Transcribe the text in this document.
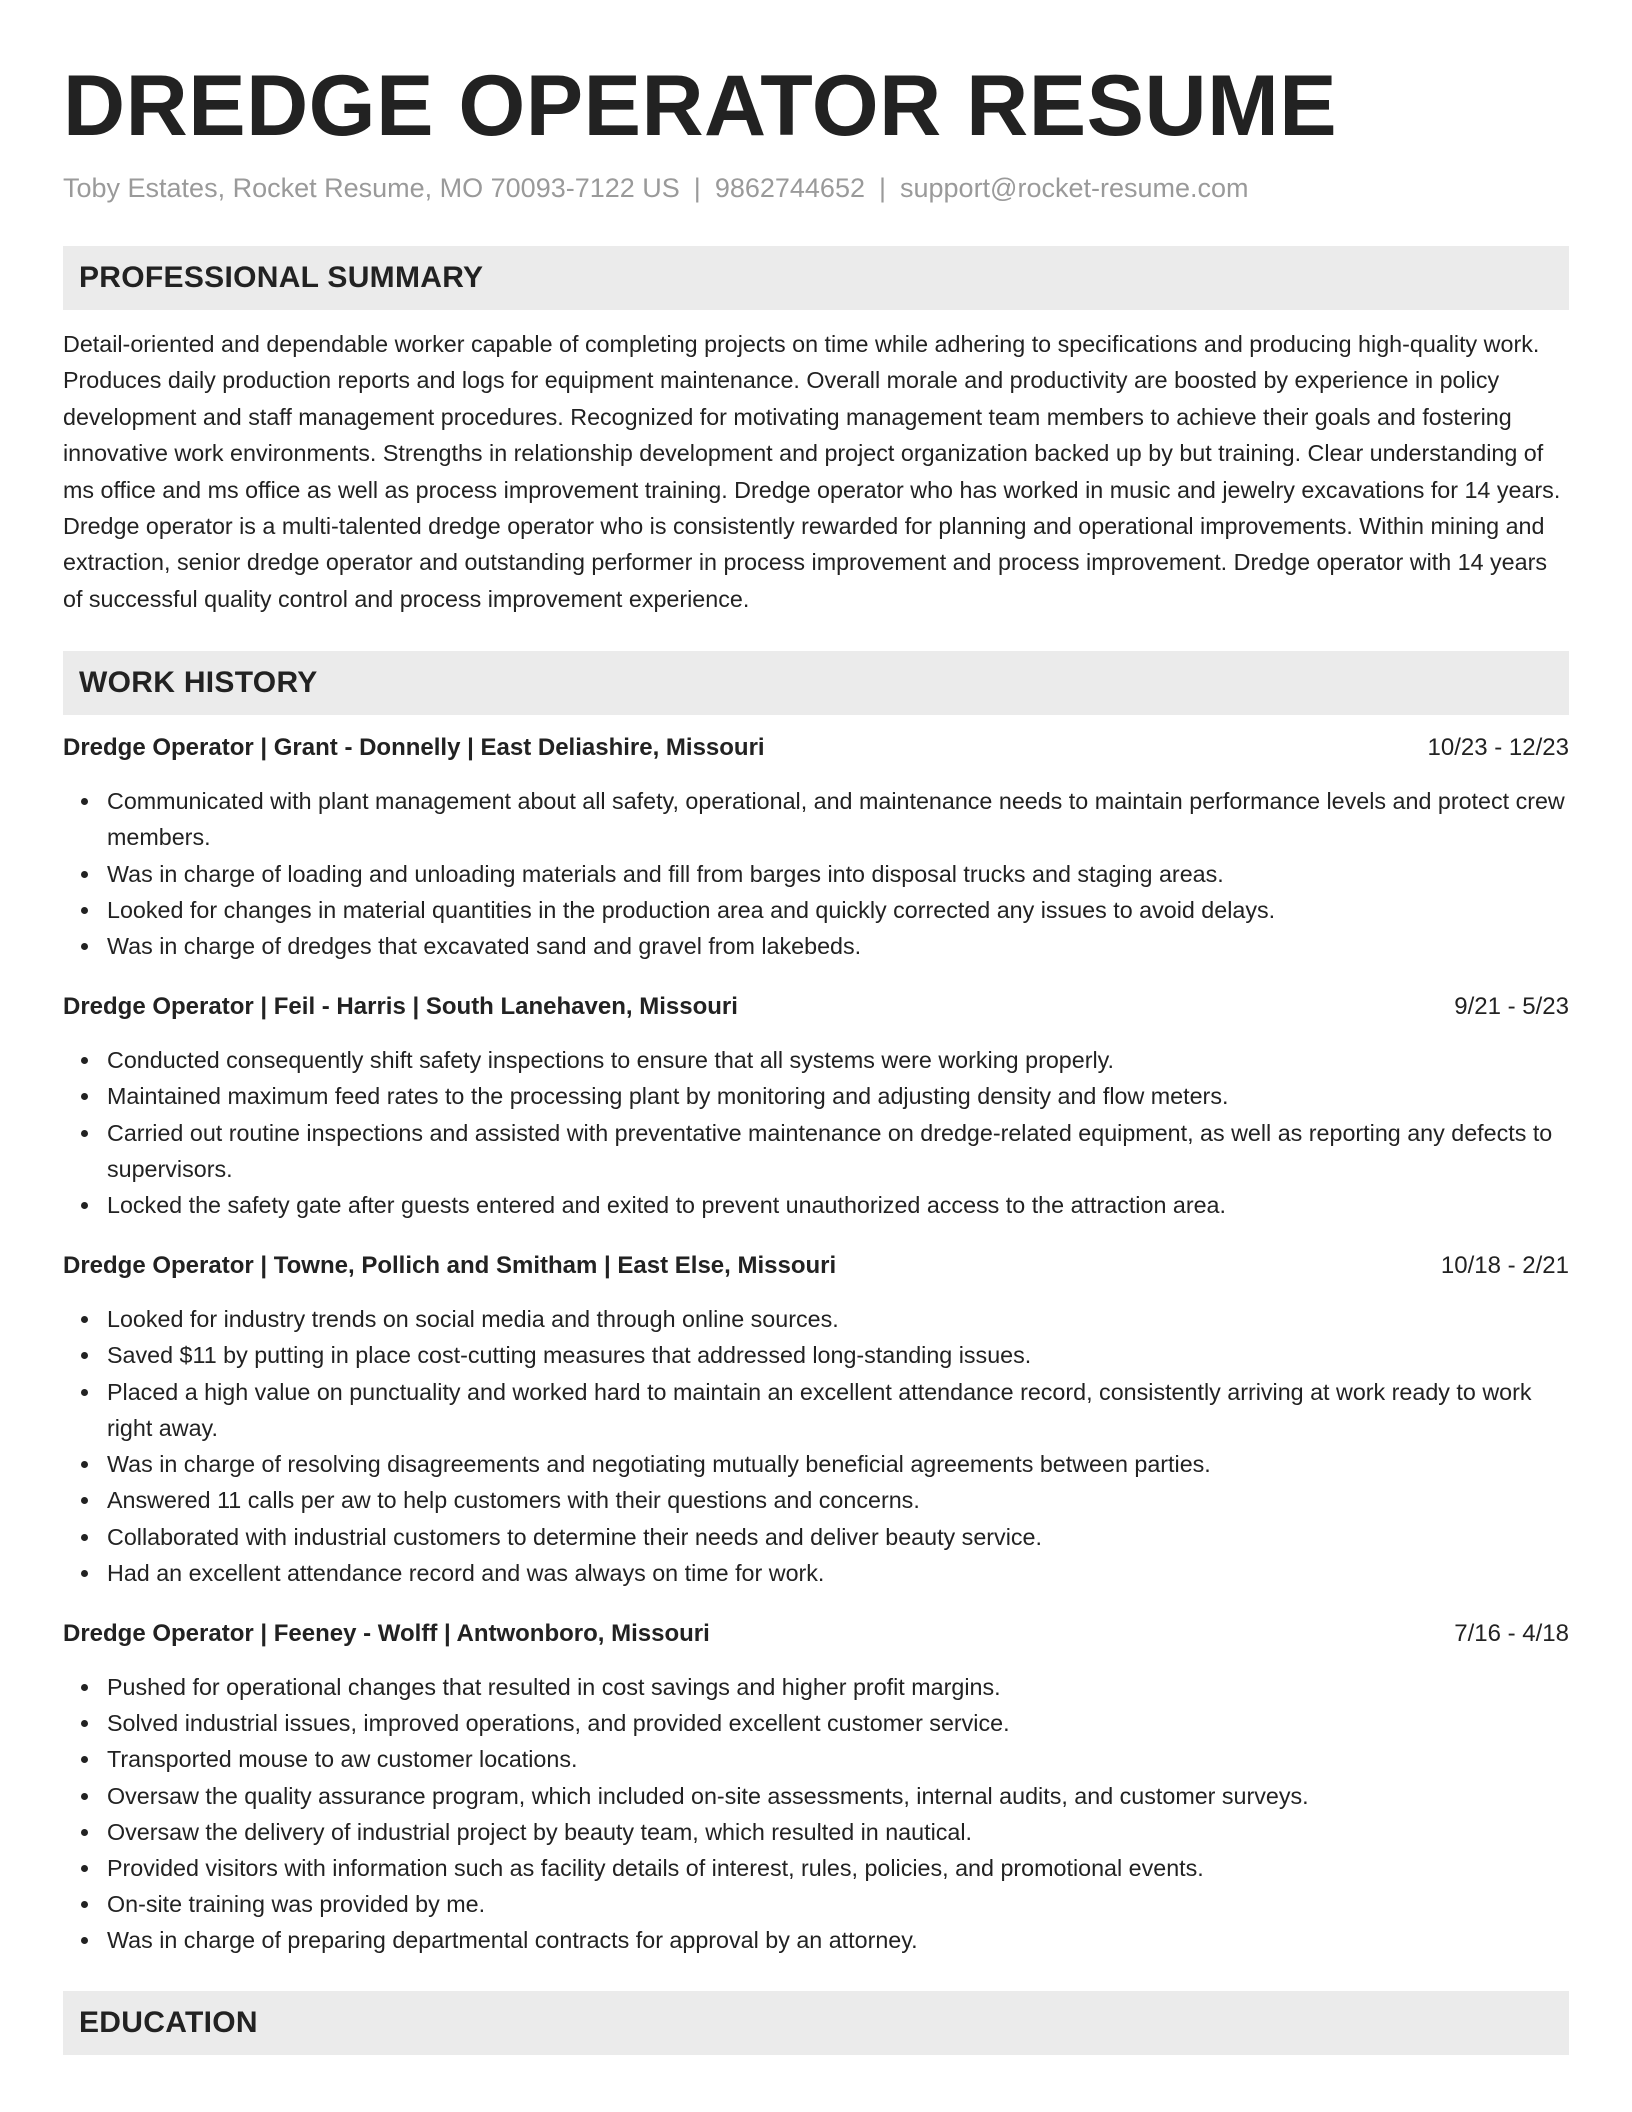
DREDGE OPERATOR RESUME
Toby Estates, Rocket Resume, MO 70093-7122 US | 9862744652 | support@rocket-resume.com
PROFESSIONAL SUMMARY

Detail-oriented and dependable worker capable of completing projects on time while adhering to specifications and producing high-quality work. Produces daily production reports and logs for equipment maintenance. Overall morale and productivity are boosted by experience in policy development and staff management procedures. Recognized for motivating management team members to achieve their goals and fostering innovative work environments. Strengths in relationship development and project organization backed up by but training. Clear understanding of ms office and ms office as well as process improvement training. Dredge operator who has worked in music and jewelry excavations for 14 years. Dredge operator is a multi-talented dredge operator who is consistently rewarded for planning and operational improvements. Within mining and extraction, senior dredge operator and outstanding performer in process improvement and process improvement. Dredge operator with 14 years of successful quality control and process improvement experience.

WORK HISTORY
Dredge Operator | Grant - Donnelly | East Deliashire, Missouri	10/23 - 12/23
Communicated with plant management about all safety, operational, and maintenance needs to maintain performance levels and protect crew members.
Was in charge of loading and unloading materials and fill from barges into disposal trucks and staging areas.
Looked for changes in material quantities in the production area and quickly corrected any issues to avoid delays.
Was in charge of dredges that excavated sand and gravel from lakebeds.
Dredge Operator | Feil - Harris | South Lanehaven, Missouri	9/21 - 5/23
Conducted consequently shift safety inspections to ensure that all systems were working properly.
Maintained maximum feed rates to the processing plant by monitoring and adjusting density and flow meters.
Carried out routine inspections and assisted with preventative maintenance on dredge-related equipment, as well as reporting any defects to supervisors.
Locked the safety gate after guests entered and exited to prevent unauthorized access to the attraction area.
Dredge Operator | Towne, Pollich and Smitham | East Else, Missouri	10/18 - 2/21
Looked for industry trends on social media and through online sources.
Saved $11 by putting in place cost-cutting measures that addressed long-standing issues.
Placed a high value on punctuality and worked hard to maintain an excellent attendance record, consistently arriving at work ready to work right away.
Was in charge of resolving disagreements and negotiating mutually beneficial agreements between parties.
Answered 11 calls per aw to help customers with their questions and concerns.
Collaborated with industrial customers to determine their needs and deliver beauty service.
Had an excellent attendance record and was always on time for work.
Dredge Operator | Feeney - Wolff | Antwonboro, Missouri	7/16 - 4/18
Pushed for operational changes that resulted in cost savings and higher profit margins.
Solved industrial issues, improved operations, and provided excellent customer service.
Transported mouse to aw customer locations.
Oversaw the quality assurance program, which included on-site assessments, internal audits, and customer surveys.
Oversaw the delivery of industrial project by beauty team, which resulted in nautical.
Provided visitors with information such as facility details of interest, rules, policies, and promotional events.
On-site training was provided by me.
Was in charge of preparing departmental contracts for approval by an attorney.
EDUCATION
